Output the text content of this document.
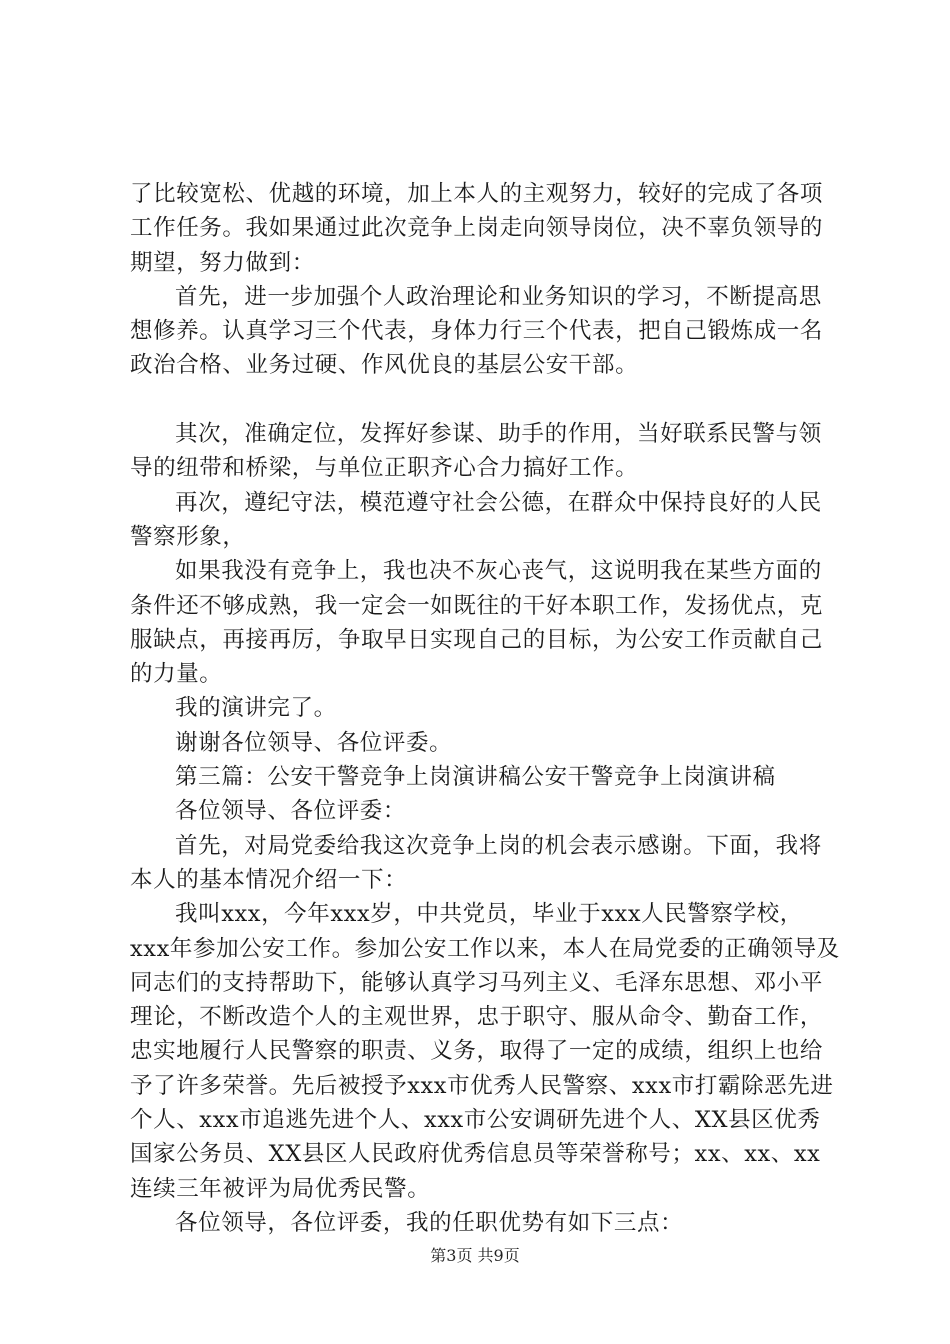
了比较宽松、优越的环境，加上本人的主观努力，较好的完成了各项工作任务。我如果通过此次竞争上岗走向领导岗位，决不辜负领导的期望，努力做到：

首先，进一步加强个人政治理论和业务知识的学习，不断提高思想修养。认真学习三个代表，身体力行三个代表，把自己锻炼成一名政治合格、业务过硬、作风优良的基层公安干部。

其次，准确定位，发挥好参谋、助手的作用，当好联系民警与领导的纽带和桥梁，与单位正职齐心合力搞好工作。

再次，遵纪守法，模范遵守社会公德，在群众中保持良好的人民警察形象，

如果我没有竞争上，我也决不灰心丧气，这说明我在某些方面的条件还不够成熟，我一定会一如既往的干好本职工作，发扬优点，克服缺点，再接再厉，争取早日实现自己的目标，为公安工作贡献自己的力量。

我的演讲完了。

谢谢各位领导、各位评委。

第三篇：公安干警竞争上岗演讲稿公安干警竞争上岗演讲稿

各位领导、各位评委：

首先，对局党委给我这次竞争上岗的机会表示感谢。下面，我将本人的基本情况介绍一下：

我叫xxx，今年xxx岁，中共党员，毕业于xxx人民警察学校，xxx年参加公安工作。参加公安工作以来，本人在局党委的正确领导及同志们的支持帮助下，能够认真学习马列主义、毛泽东思想、邓小平理论，不断改造个人的主观世界，忠于职守、服从命令、勤奋工作，忠实地履行人民警察的职责、义务，取得了一定的成绩，组织上也给予了许多荣誉。先后被授予xxx市优秀人民警察、xxx市打霸除恶先进个人、xxx市追逃先进个人、xxx市公安调研先进个人、XX县区优秀国家公务员、XX县区人民政府优秀信息员等荣誉称号；xx、xx、xx连续三年被评为局优秀民警。

各位领导，各位评委，我的任职优势有如下三点：

第3页 共9页
